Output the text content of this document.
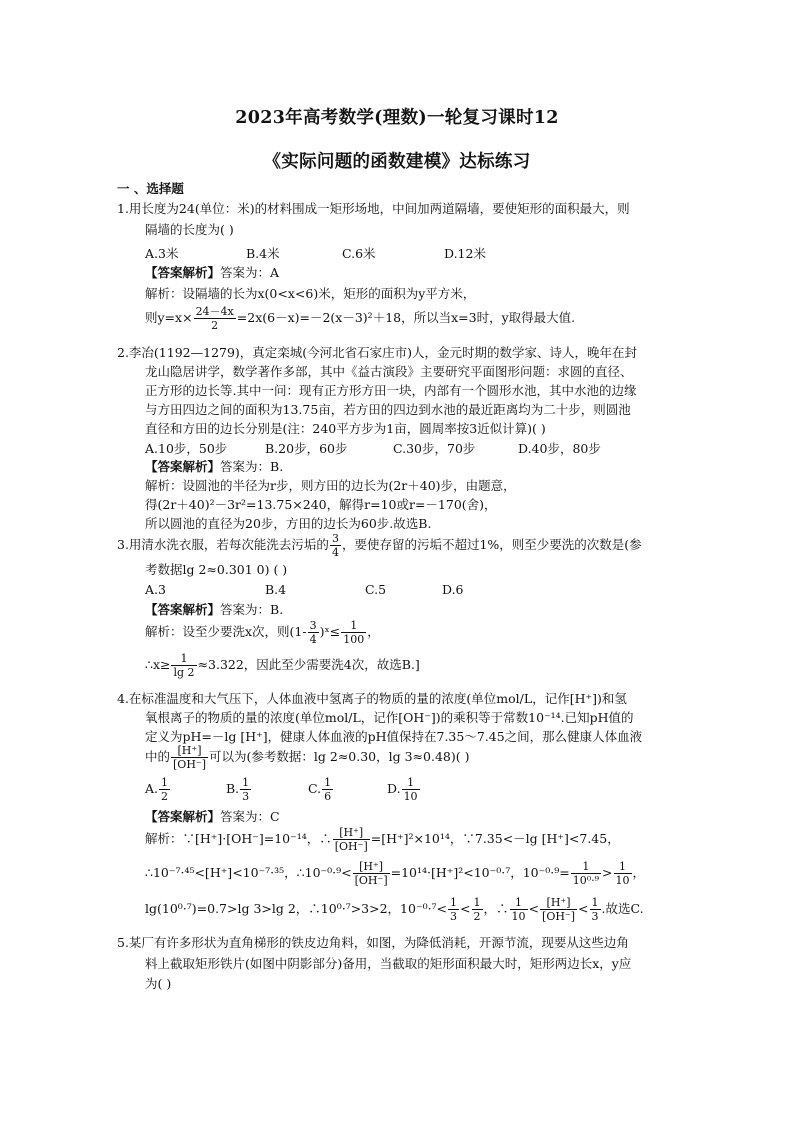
2023年高考数学(理数)一轮复习课时12
《实际问题的函数建模》达标练习
一 、选择题
1.用长度为24(单位：米)的材料围成一矩形场地，中间加两道隔墙，要使矩形的面积最大，则
隔墙的长度为( )
A.3米	B.4米	C.6米	D.12米
【答案解析】答案为：A
解析：设隔墙的长为x(0<x<6)米，矩形的面积为y平方米，
则$y=x\times \frac{24-4x}{2} =2x(6-x)=-2(x-3)^2+18$，所以当x=3时，y取得最大值.
2.李冶(1192—1279)，真定栾城(今河北省石家庄市)人，金元时期的数学家、诗人，晚年在封
龙山隐居讲学，数学著作多部，其中《益古演段》主要研究平面图形问题：求圆的直径、
正方形的边长等.其中一问：现有正方形方田一块，内部有一个圆形水池，其中水池的边缘
与方田四边之间的面积为13.75亩，若方田的四边到水池的最近距离均为二十步，则圆池
直径和方田的边长分别是(注：240平方步为1亩，圆周率按3近似计算)( )
A.10步，50步	B.20步，60步	C.30步，70步	D.40步，80步
【答案解析】答案为：B.
解析：设圆池的半径为r步，则方田的边长为(2r＋40)步，由题意，
得(2r＋40)²－3r²=13.75×240，解得r=10或r=－170(舍)，
所以圆池的直径为20步，方田的边长为60步.故选B.
3.用清水洗衣服，若每次能洗去污垢的 $\frac{3}{4}$ ，要使存留的污垢不超过1%，则至少要洗的次数是(参
考数据lg 2≈0.301 0) ( )
A.3	B.4	C.5	D.6
【答案解析】答案为：B.
解析：设至少要洗x次，则($1- \frac{3}{4}$ )ˣ≤ $\frac{1}{100}$ ，
∴x≥ $\frac{1}{\lg 2} \approx 3.322$，因此至少需要洗4次，故选B.]
4.在标准温度和大气压下，人体血液中氢离子的物质的量的浓度(单位mol/L，记作[H⁺])和氢
氧根离子的物质的量的浓度(单位mol/L，记作[OH⁻])的乘积等于常数10⁻¹⁴.已知pH值的
定义为pH=－lg [H⁺]，健康人体血液的pH值保持在7.35～7.45之间，那么健康人体血液
中的 $\frac{[H^+]}{[OH^-]}$ 可以为(参考数据：lg 2≈0.30，lg 3≈0.48)( )
A. $\frac{1}{2}$	B. $\frac{1}{3}$	C. $\frac{1}{6}$	D. $\frac{1}{10}$
【答案解析】答案为：C
解析：∵[H⁺]·[OH⁻]=10⁻¹⁴，∴ $\frac{[H^+]}{[OH^-]} =[H^+]^2\times 10^{14}$，∵7.35<－lg [H⁺]<7.45，
∴10⁻⁷·⁴⁵<[H⁺]<10⁻⁷·³⁵，∴10⁻⁰·⁹< $\frac{[H^+]}{[OH^-]} =10^{14}\cdot[H^+]^2<10^{-0}\cdot^7$，$10^{-0}\cdot^9= \frac{1}{\text{10⁰·⁹}} > \frac{1}{10}$ ，
lg(10⁰·⁷)=0.7>lg 3>lg 2，∴10⁰·⁷>3>2，$10^{-0}\cdot^7< \frac{1}{3} < \frac{1}{2}$ ，∴ $\frac{1}{10} < \frac{[H^+]}{[OH^-]} < \frac{1}{3}$ .故选C.
5.某厂有许多形状为直角梯形的铁皮边角料，如图，为降低消耗，开源节流，现要从这些边角
料上截取矩形铁片(如图中阴影部分)备用，当截取的矩形面积最大时，矩形两边长x，y应
为( )
